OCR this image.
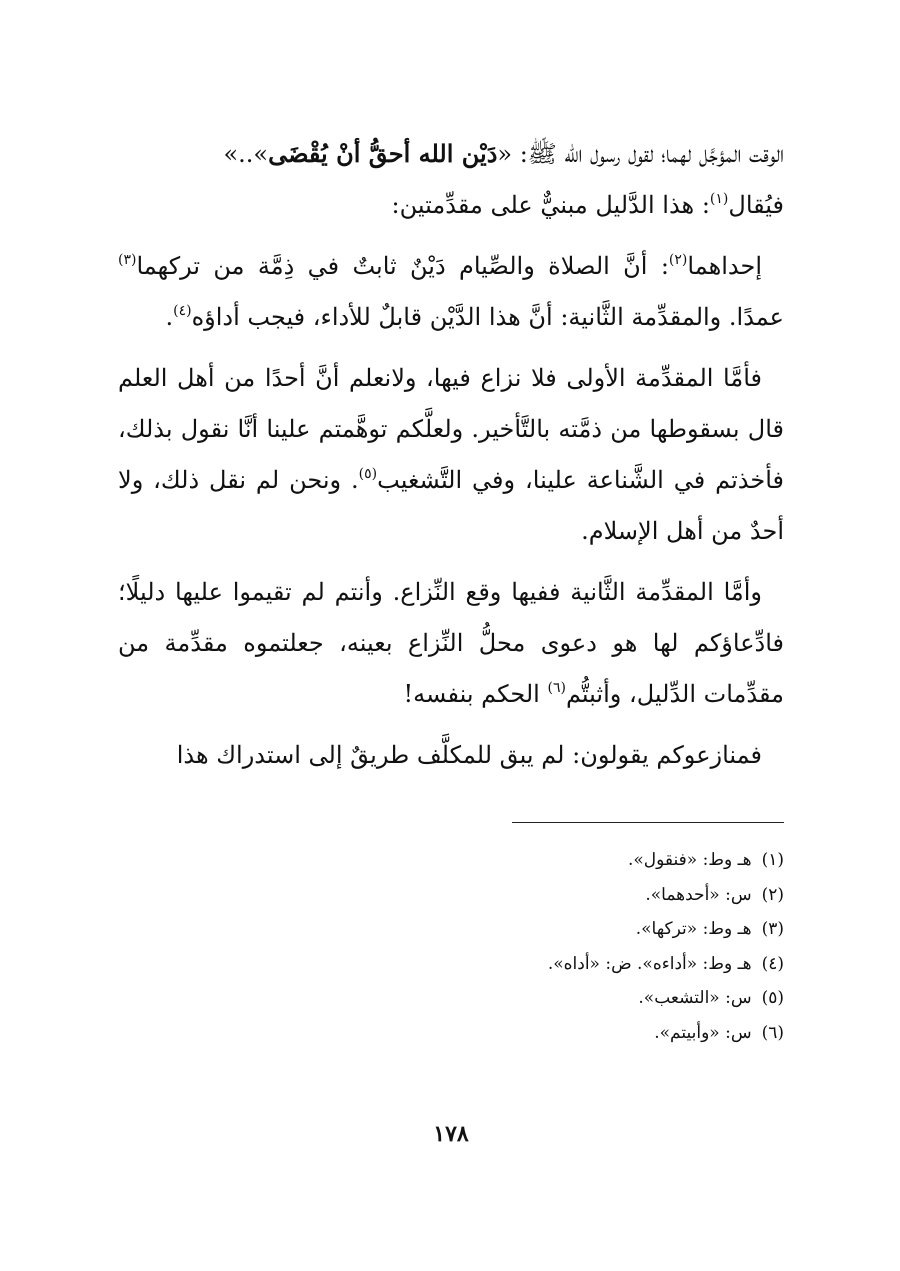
الوقت المؤجَّل لهما؛ لقول رسول الله ﷺ: «دَيْن الله أحقُّ أنْ يُقْضَى»..»
فيُقال$^{(١)}$: هذا الدَّليل مبنيٌّ على مقدِّمتين:

إحداهما$^{(٢)}$: أنَّ الصلاة والصِّيام دَيْنٌ ثابتٌ في ذِمَّة من تركهما$^{(٣)}$ عمدًا. والمقدِّمة الثَّانية: أنَّ هذا الدَّيْن قابلٌ للأداء، فيجب أداؤه$^{(٤)}$.

فأمَّا المقدِّمة الأولى فلا نزاع فيها، ولانعلم أنَّ أحدًا من أهل العلم قال بسقوطها من ذمَّته بالتَّأخير. ولعلَّكم توهَّمتم علينا أنَّا نقول بذلك، فأخذتم في الشَّناعة علينا، وفي التَّشغيب$^{(٥)}$. ونحن لم نقل ذلك، ولا أحدٌ من أهل الإسلام.

وأمَّا المقدِّمة الثَّانية ففيها وقع النِّزاع. وأنتم لم تقيموا عليها دليلًا؛ فادِّعاؤكم لها هو دعوى محلُّ النِّزاع بعينه، جعلتموه مقدِّمة من مقدِّمات الدِّليل، وأثبتُّم$^{(٦)}$ الحكم بنفسه!

فمنازعوكم يقولون: لم يبق للمكلَّف طريقٌ إلى استدراك هذا

(١)هـ وط: «فنقول».
(٢)س: «أحدهما».
(٣)هـ وط: «تركها».
(٤)هـ وط: «أداءه». ض: «أداه».
(٥)س: «التشعب».
(٦)س: «وأبيتم».
١٧٨
